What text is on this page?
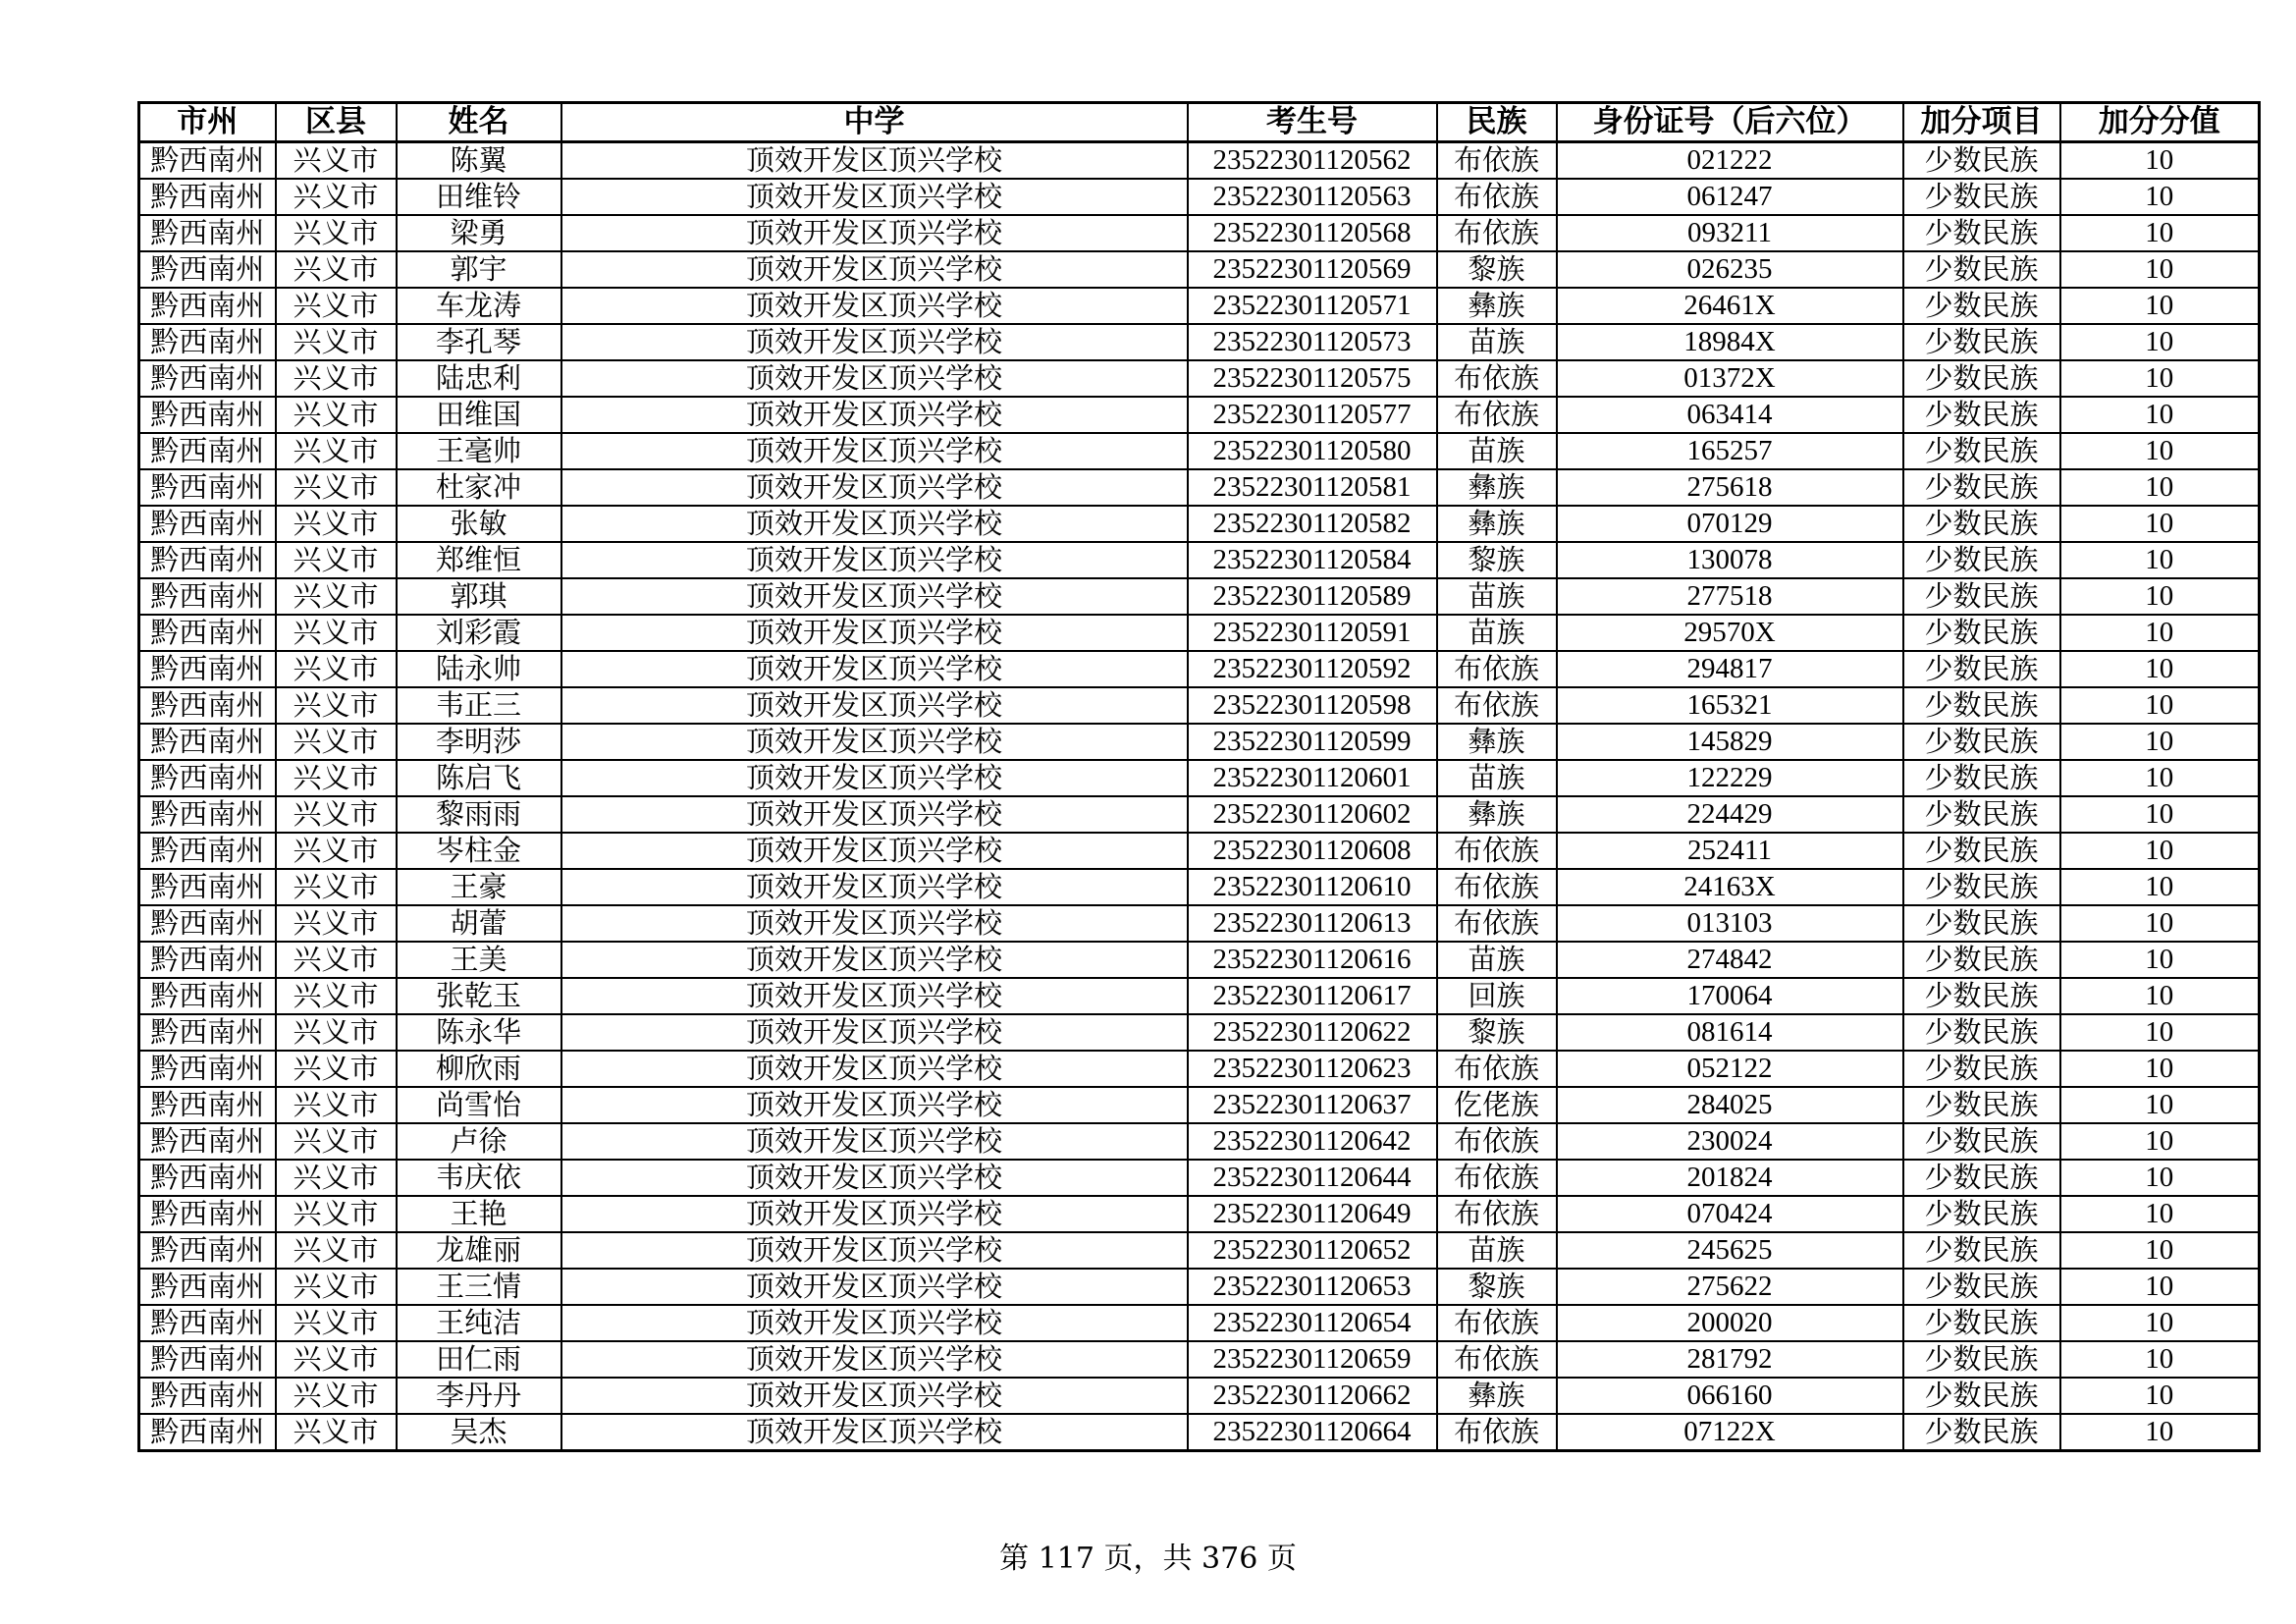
市州	区县	姓名	中学	考生号	民族	身份证号（后六位）	加分项目	加分分值
黔西南州	兴义市	陈翼	顶效开发区顶兴学校	23522301120562	布依族	021222	少数民族	10
黔西南州	兴义市	田维铃	顶效开发区顶兴学校	23522301120563	布依族	061247	少数民族	10
黔西南州	兴义市	梁勇	顶效开发区顶兴学校	23522301120568	布依族	093211	少数民族	10
黔西南州	兴义市	郭宇	顶效开发区顶兴学校	23522301120569	黎族	026235	少数民族	10
黔西南州	兴义市	车龙涛	顶效开发区顶兴学校	23522301120571	彝族	26461X	少数民族	10
黔西南州	兴义市	李孔琴	顶效开发区顶兴学校	23522301120573	苗族	18984X	少数民族	10
黔西南州	兴义市	陆忠利	顶效开发区顶兴学校	23522301120575	布依族	01372X	少数民族	10
黔西南州	兴义市	田维国	顶效开发区顶兴学校	23522301120577	布依族	063414	少数民族	10
黔西南州	兴义市	王毫帅	顶效开发区顶兴学校	23522301120580	苗族	165257	少数民族	10
黔西南州	兴义市	杜家冲	顶效开发区顶兴学校	23522301120581	彝族	275618	少数民族	10
黔西南州	兴义市	张敏	顶效开发区顶兴学校	23522301120582	彝族	070129	少数民族	10
黔西南州	兴义市	郑维恒	顶效开发区顶兴学校	23522301120584	黎族	130078	少数民族	10
黔西南州	兴义市	郭琪	顶效开发区顶兴学校	23522301120589	苗族	277518	少数民族	10
黔西南州	兴义市	刘彩霞	顶效开发区顶兴学校	23522301120591	苗族	29570X	少数民族	10
黔西南州	兴义市	陆永帅	顶效开发区顶兴学校	23522301120592	布依族	294817	少数民族	10
黔西南州	兴义市	韦正三	顶效开发区顶兴学校	23522301120598	布依族	165321	少数民族	10
黔西南州	兴义市	李明莎	顶效开发区顶兴学校	23522301120599	彝族	145829	少数民族	10
黔西南州	兴义市	陈启飞	顶效开发区顶兴学校	23522301120601	苗族	122229	少数民族	10
黔西南州	兴义市	黎雨雨	顶效开发区顶兴学校	23522301120602	彝族	224429	少数民族	10
黔西南州	兴义市	岑柱金	顶效开发区顶兴学校	23522301120608	布依族	252411	少数民族	10
黔西南州	兴义市	王豪	顶效开发区顶兴学校	23522301120610	布依族	24163X	少数民族	10
黔西南州	兴义市	胡蕾	顶效开发区顶兴学校	23522301120613	布依族	013103	少数民族	10
黔西南州	兴义市	王美	顶效开发区顶兴学校	23522301120616	苗族	274842	少数民族	10
黔西南州	兴义市	张乾玉	顶效开发区顶兴学校	23522301120617	回族	170064	少数民族	10
黔西南州	兴义市	陈永华	顶效开发区顶兴学校	23522301120622	黎族	081614	少数民族	10
黔西南州	兴义市	柳欣雨	顶效开发区顶兴学校	23522301120623	布依族	052122	少数民族	10
黔西南州	兴义市	尚雪怡	顶效开发区顶兴学校	23522301120637	仡佬族	284025	少数民族	10
黔西南州	兴义市	卢徐	顶效开发区顶兴学校	23522301120642	布依族	230024	少数民族	10
黔西南州	兴义市	韦庆依	顶效开发区顶兴学校	23522301120644	布依族	201824	少数民族	10
黔西南州	兴义市	王艳	顶效开发区顶兴学校	23522301120649	布依族	070424	少数民族	10
黔西南州	兴义市	龙雄丽	顶效开发区顶兴学校	23522301120652	苗族	245625	少数民族	10
黔西南州	兴义市	王三情	顶效开发区顶兴学校	23522301120653	黎族	275622	少数民族	10
黔西南州	兴义市	王纯洁	顶效开发区顶兴学校	23522301120654	布依族	200020	少数民族	10
黔西南州	兴义市	田仁雨	顶效开发区顶兴学校	23522301120659	布依族	281792	少数民族	10
黔西南州	兴义市	李丹丹	顶效开发区顶兴学校	23522301120662	彝族	066160	少数民族	10
黔西南州	兴义市	吴杰	顶效开发区顶兴学校	23522301120664	布依族	07122X	少数民族	10
第 117 页，共 376 页
